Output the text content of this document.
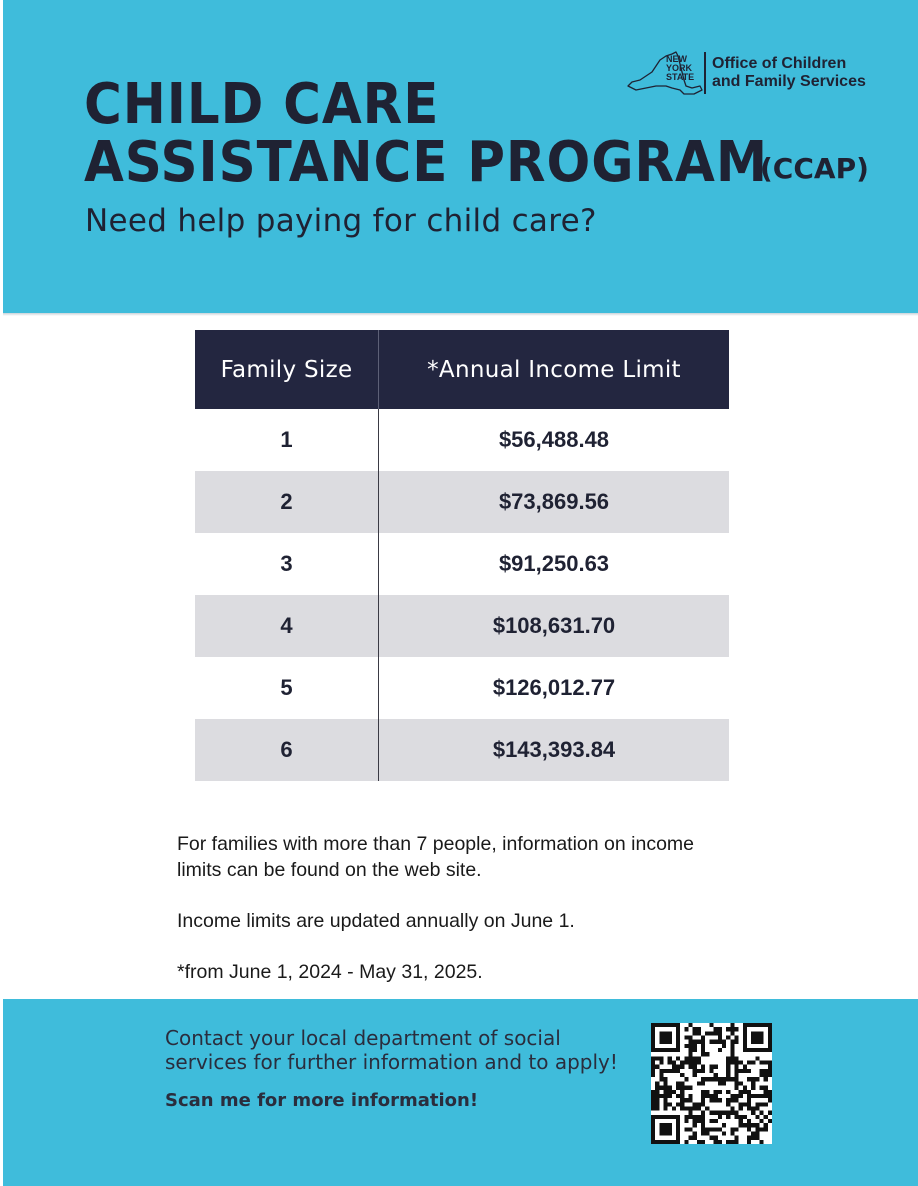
CHILD CARE
ASSISTANCE PROGRAM
(CCAP)
Need help paying for child care?
NEW
YORK
STATE
Office of Children
and Family Services
Family Size	*Annual Income Limit
1	$56,488.48
2	$73,869.56
3	$91,250.63
4	$108,631.70
5	$126,012.77
6	$143,393.84

For families with more than 7 people, information on income limits can be found on the web site.

Income limits are updated annually on June 1.

*from June 1, 2024 - May 31, 2025.

Contact your local department of social services for further information and to apply!

Scan me for more information!
